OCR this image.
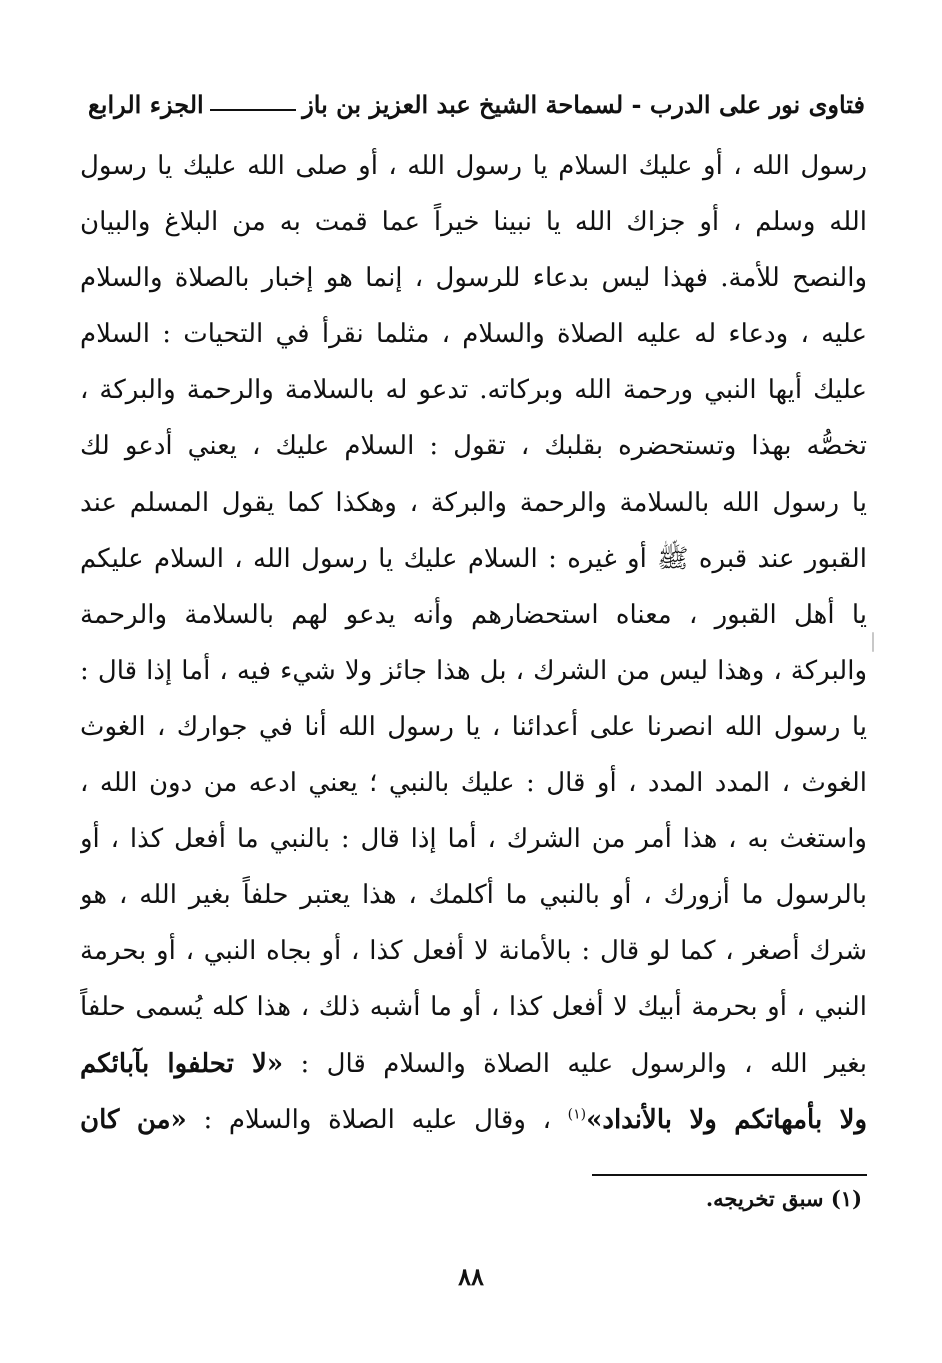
فتاوى نور على الدرب - لسماحة الشيخ عبد العزيز بن باز
الجزء الرابع
رسول الله ، أو عليك السلام يا رسول الله ، أو صلى الله عليك يا رسول
الله وسلم ، أو جزاك الله يا نبينا خيراً عما قمت به من البلاغ والبيان
والنصح للأمة. فهذا ليس بدعاء للرسول ، إنما هو إخبار بالصلاة والسلام
عليه ، ودعاء له عليه الصلاة والسلام ، مثلما نقرأ في التحيات : السلام
عليك أيها النبي ورحمة الله وبركاته. تدعو له بالسلامة والرحمة والبركة ،
تخصُّه بهذا وتستحضره بقلبك ، تقول : السلام عليك ، يعني أدعو لك
يا رسول الله بالسلامة والرحمة والبركة ، وهكذا كما يقول المسلم عند
القبور عند قبره ﷺ أو غيره : السلام عليك يا رسول الله ، السلام عليكم
يا أهل القبور ، معناه استحضارهم وأنه يدعو لهم بالسلامة والرحمة
والبركة ، وهذا ليس من الشرك ، بل هذا جائز ولا شيء فيه ، أما إذا قال :
يا رسول الله انصرنا على أعدائنا ، يا رسول الله أنا في جوارك ، الغوث
الغوث ، المدد المدد ، أو قال : عليك بالنبي ؛ يعني ادعه من دون الله ،
واستغث به ، هذا أمر من الشرك ، أما إذا قال : بالنبي ما أفعل كذا ، أو
بالرسول ما أزورك ، أو بالنبي ما أكلمك ، هذا يعتبر حلفاً بغير الله ، هو
شرك أصغر ، كما لو قال : بالأمانة لا أفعل كذا ، أو بجاه النبي ، أو بحرمة
النبي ، أو بحرمة أبيك لا أفعل كذا ، أو ما أشبه ذلك ، هذا كله يُسمى حلفاً
بغير الله ، والرسول عليه الصلاة والسلام قال : «لا تحلفوا بآبائكم
ولا بأمهاتكم ولا بالأنداد»$^{(١)}$ ، وقال عليه الصلاة والسلام : «من كان
(١) سبق تخريجه.
٨٨
